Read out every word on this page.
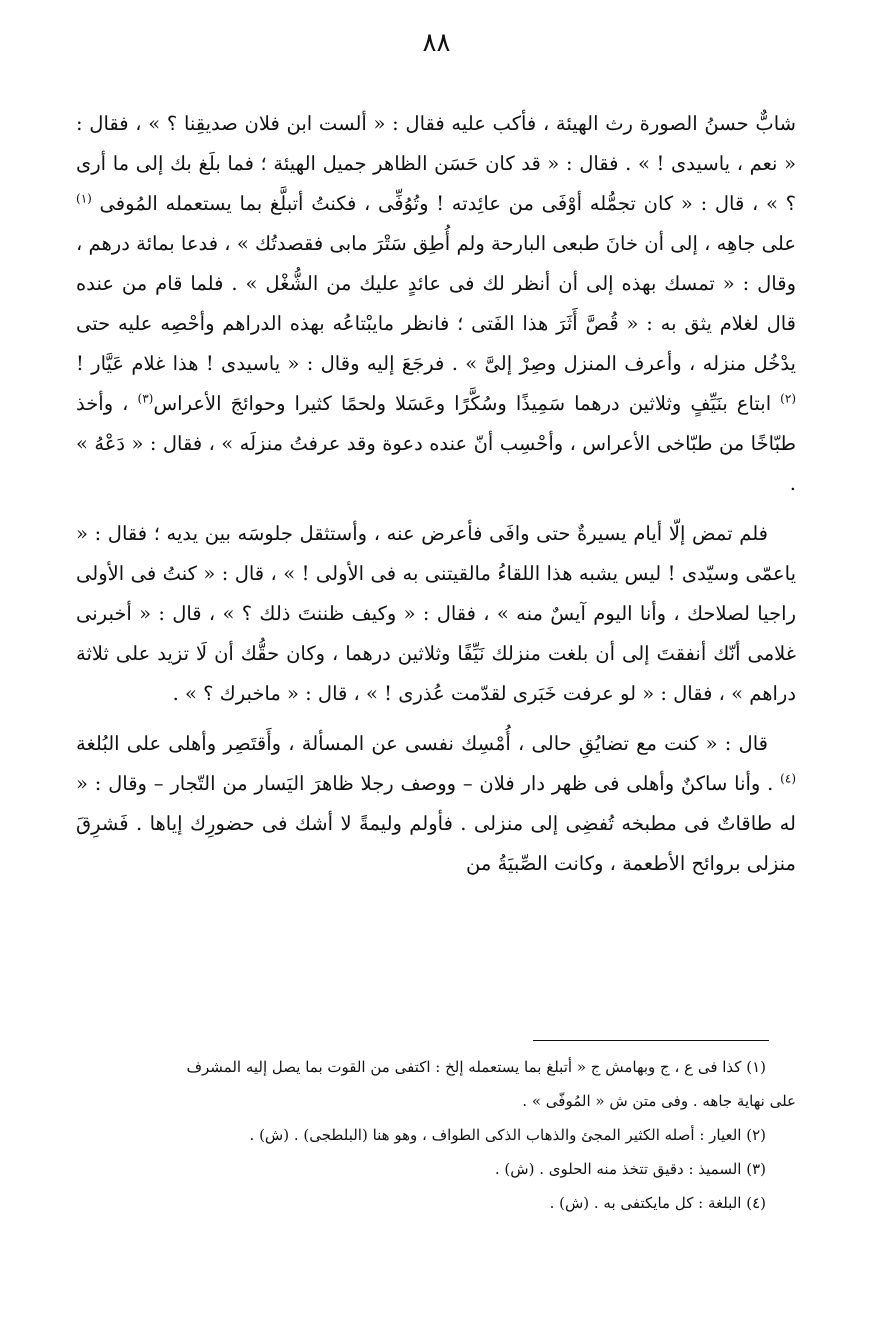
٨٨

شابٌّ حسنُ الصورة رث الهيئة ، فأكب عليه فقال : « ألست ابن فلان صديقِنا ؟ » ، فقال : « نعم ، ياسيدى ! » . فقال : « قد كان حَسَن الظاهر جميل الهيئة ؛ فما بلَغ بك إلى ما أرى ؟ » ، قال : « كان تجمُّله أوْفَى من عائِدته ! وتُوُفِّى ، فكنتُ أتبلَّغ بما يستعمله المُوفى $^{(١)}$ على جاهِه ، إلى أن خانَ طبعى البارحة ولم أُطِق سَتْرَ مابى فقصدتُك » ، فدعا بمائة درهم ، وقال : « تمسك بهذه إلى أن أنظر لك فى عائدٍ عليك من الشُّغْل » . فلما قام من عنده قال لغلام يثق به : « قُصَّ أَثَرَ هذا الفَتى ؛ فانظر مايبْتاعُه بهذه الدراهم وأحْصِه عليه حتى يدْخُل منزله ، وأعرف المنزل وصِرْ إلىَّ » . فرجَعَ إليه وقال : « ياسيدى ! هذا غلام عَيَّار ! $^{(٢)}$ ابتاع بنَيِّفٍ وثلاثين درهما سَمِيذًا وسُكَّرًا وعَسَلا ولحمًا كثيرا وحوائجَ الأعراس$^{(٣)}$ ، وأخذ طبّاخًا من طبّاخى الأعراس ، وأحْسِب أنّ عنده دعوة وقد عرفتُ منزلَه » ، فقال : « دَعْهُ » .

فلم تمض إلّا أيام يسيرةٌ حتى وافَى فأعرض عنه ، وأستثقل جلوسَه بين يديه ؛ فقال : « ياعمّى وسيّدى ! ليس يشبه هذا اللقاءُ مالقيتنى به فى الأولى ! » ، قال : « كنتُ فى الأولى راجيا لصلاحك ، وأنا اليوم آيسٌ منه » ، فقال : « وكيف ظننتَ ذلك ؟ » ، قال : « أخبرنى غلامى أنّك أنفقتَ إلى أن بلغت منزلك نَيِّفًا وثلاثين درهما ، وكان حقُّك أن لَا تزيد على ثلاثة دراهم » ، فقال : « لو عرفت خَبَرى لقدّمت عُذرى ! » ، قال : « ماخبرك ؟ » .

قال : « كنت مع تضايُقِ حالى ، أُمْسِك نفسى عن المسألة ، وأَقتَصِر وأهلى على البُلغة $^{(٤)}$ . وأنا ساكنٌ وأهلى فى ظهر دار فلان – ووصف رجلا ظاهرَ اليَسار من التّجار – وقال : « له طاقاتٌ فى مطبخه تُفضِى إلى منزلى . فأولم وليمةً لا أشك فى حضورِك إياها . فَشرِقَ منزلى بروائح الأطعمة ، وكانت الصِّبيَةُ من

(١) كذا فى ع ، ج وبهامش ج « أتبلغ بما يستعمله إلخ : اكتفى من القوت بما يصل إليه المشرف

على نهاية جاهه . وفى متن ش « المُوفّى » .

(٢) العيار : أصله الكثير المجئ والذهاب الذكى الطواف ، وهو هنا (البلطجى) . (ش) .

(٣) السميذ : دقيق تتخذ منه الحلوى . (ش) .

(٤) البلغة : كل مايكتفى به . (ش) .
